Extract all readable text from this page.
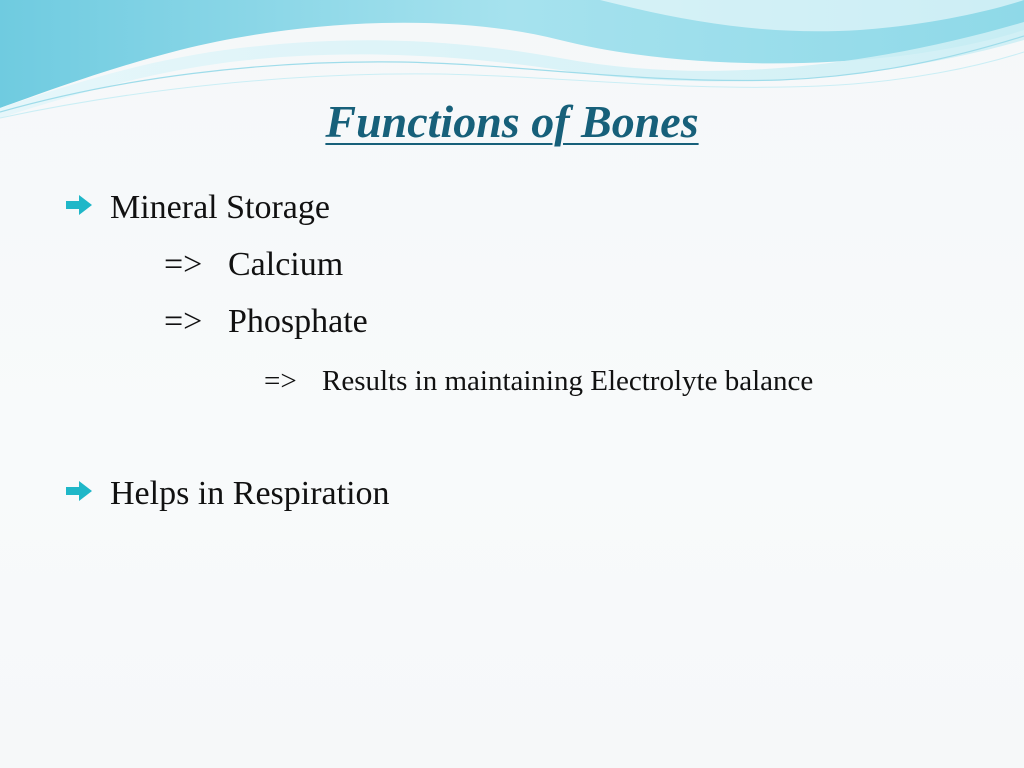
Functions of Bones
Mineral Storage
=> Calcium
=> Phosphate
=> Results in maintaining Electrolyte balance
Helps in Respiration
